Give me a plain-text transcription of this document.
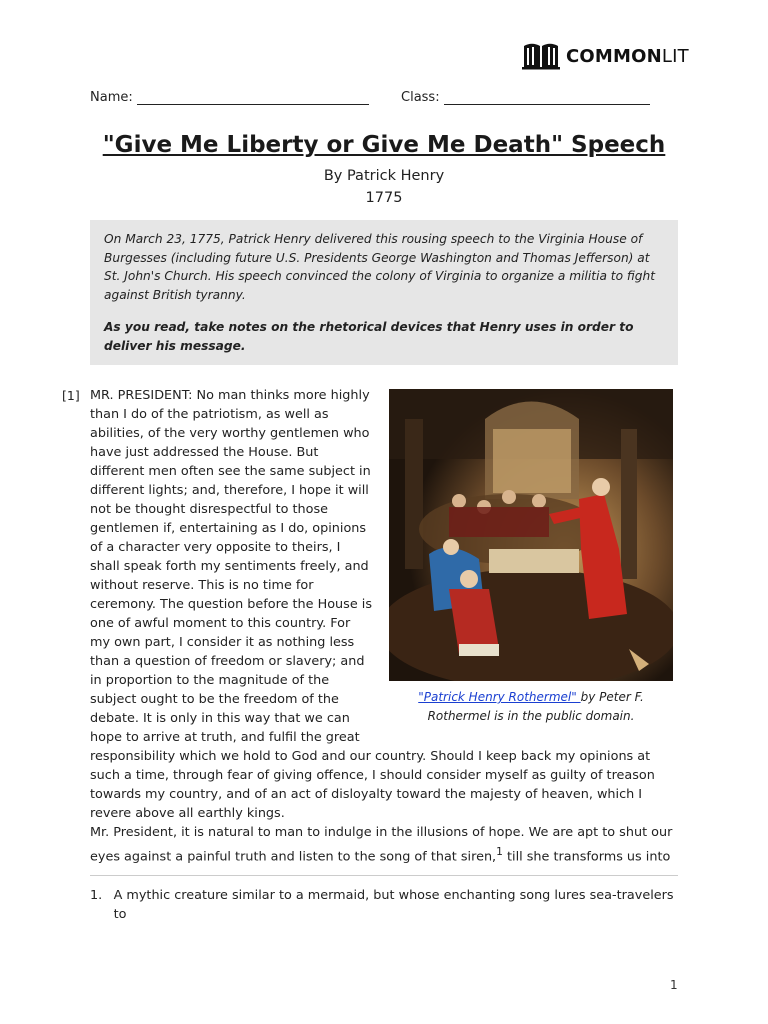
COMMONLIT
Name:	Class:
"Give Me Liberty or Give Me Death" Speech
By Patrick Henry
1775

On March 23, 1775, Patrick Henry delivered this rousing speech to the Virginia House of Burgesses (including future U.S. Presidents George Washington and Thomas Jefferson) at St. John's Church. His speech convinced the colony of Virginia to organize a militia to fight against British tyranny.

As you read, take notes on the rhetorical devices that Henry uses in order to deliver his message.

[1] MR. PRESIDENT: No man thinks more highly than I do of the patriotism, as well as abilities, of the very worthy gentlemen who have just addressed the House. But different men often see the same subject in different lights; and, therefore, I hope it will not be thought disrespectful to those gentlemen if, entertaining as I do, opinions of a character very opposite to theirs, I shall speak forth my sentiments freely, and without reserve. This is no time for ceremony. The question before the House is one of awful moment to this country. For my own part, I consider it as nothing less than a question of freedom or slavery; and in proportion to the magnitude of the subject ought to be the freedom of the debate. It is only in this way that we can hope to arrive at truth, and fulfil the great responsibility which we hold to God and our country. Should I keep back my opinions at such a time, through fear of giving offence, I should consider myself as guilty of treason towards my country, and of an act of disloyalty toward the majesty of heaven, which I revere above all earthly kings.

"Patrick Henry Rothermel" by Peter F. Rothermel is in the public domain.

Mr. President, it is natural to man to indulge in the illusions of hope. We are apt to shut our eyes against a painful truth and listen to the song of that siren,$^1$ till she transforms us into

1. A mythic creature similar to a mermaid, but whose enchanting song lures sea-travelers to
1
